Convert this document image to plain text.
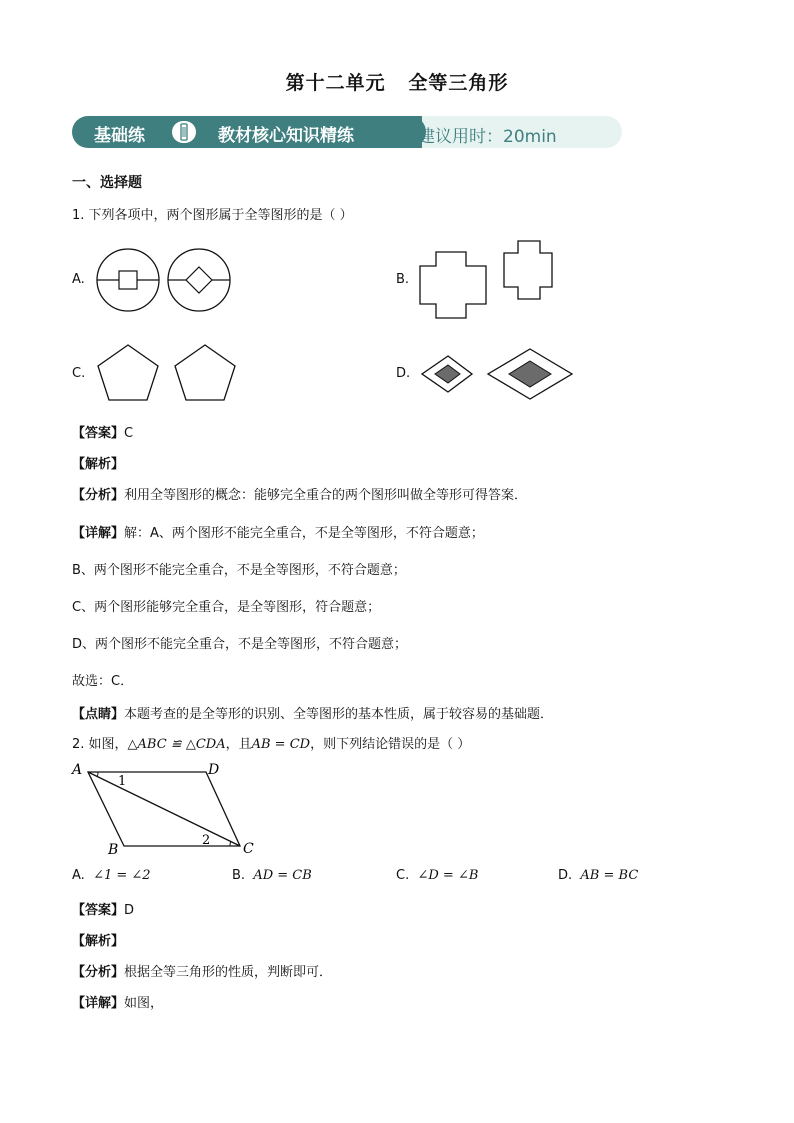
第十二单元   全等三角形
基础练	教材核心知识精练	建议用时：20min
一、选择题
1. 下列各项中，两个图形属于全等图形的是（ ）
A.	B.
C.	D.
【答案】C
【解析】
【分析】利用全等图形的概念：能够完全重合的两个图形叫做全等形可得答案．
【详解】解：A、两个图形不能完全重合，不是全等图形，不符合题意；
B、两个图形不能完全重合，不是全等图形，不符合题意；
C、两个图形能够完全重合，是全等图形，符合题意；
D、两个图形不能完全重合，不是全等图形，不符合题意；
故选：C．
【点睛】本题考查的是全等形的识别、全等图形的基本性质，属于较容易的基础题．
2. 如图，△ABC ≌ △CDA，且AB = CD，则下列结论错误的是（ ）
A	D
B	C
1
2
A. ∠1 = ∠2	B. AD = CB	C. ∠D = ∠B	D. AB = BC
【答案】D
【解析】
【分析】根据全等三角形的性质，判断即可．
【详解】如图，
